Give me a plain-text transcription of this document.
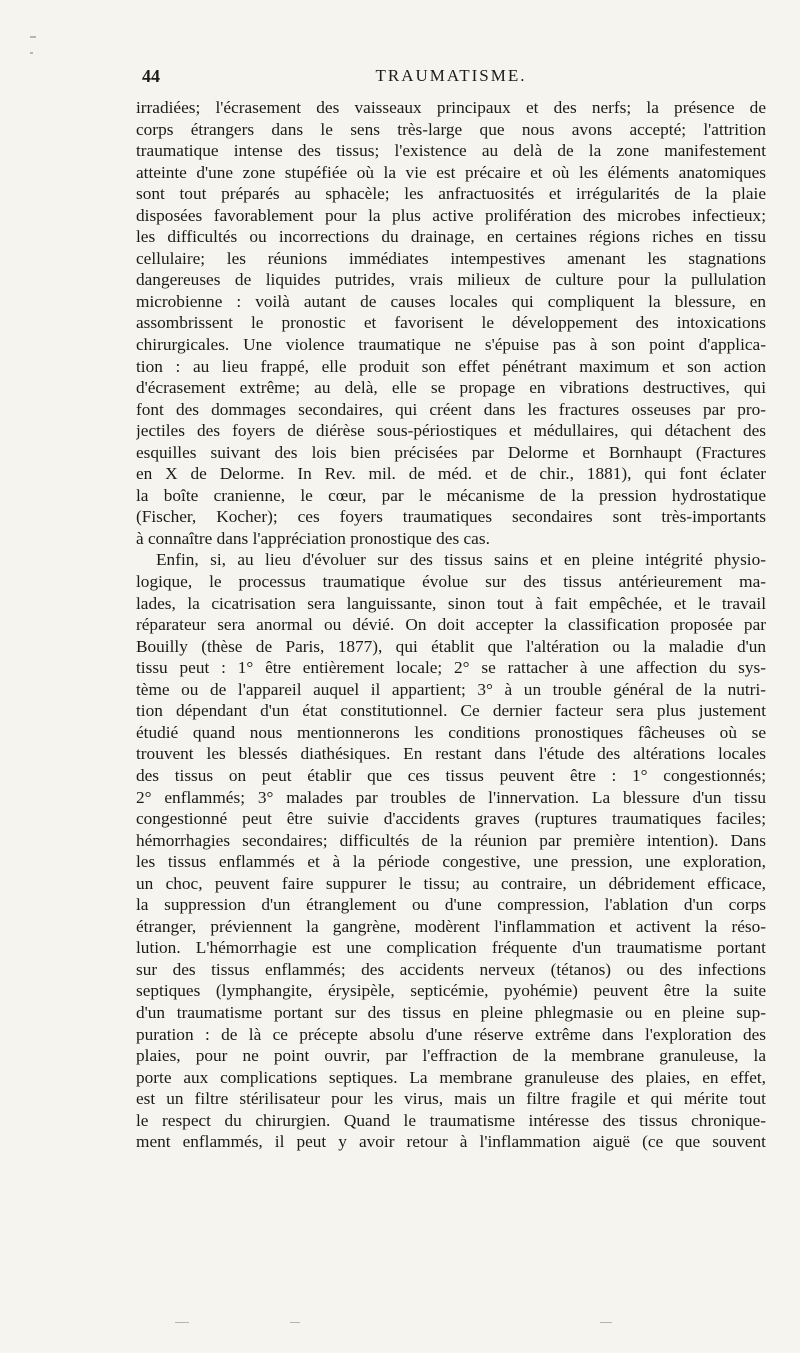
44	TRAUMATISME.
irradiées; l'écrasement des vaisseaux principaux et des nerfs; la présence de
corps étrangers dans le sens très-large que nous avons accepté; l'attrition
traumatique intense des tissus; l'existence au delà de la zone manifestement
atteinte d'une zone stupéfiée où la vie est précaire et où les éléments anatomiques
sont tout préparés au sphacèle; les anfractuosités et irrégularités de la plaie
disposées favorablement pour la plus active prolifération des microbes infectieux;
les difficultés ou incorrections du drainage, en certaines régions riches en tissu
cellulaire; les réunions immédiates intempestives amenant les stagnations
dangereuses de liquides putrides, vrais milieux de culture pour la pullulation
microbienne : voilà autant de causes locales qui compliquent la blessure, en
assombrissent le pronostic et favorisent le développement des intoxications
chirurgicales. Une violence traumatique ne s'épuise pas à son point d'applica-
tion : au lieu frappé, elle produit son effet pénétrant maximum et son action
d'écrasement extrême; au delà, elle se propage en vibrations destructives, qui
font des dommages secondaires, qui créent dans les fractures osseuses par pro-
jectiles des foyers de diérèse sous-périostiques et médullaires, qui détachent des
esquilles suivant des lois bien précisées par Delorme et Bornhaupt (Fractures
en X de Delorme. In Rev. mil. de méd. et de chir., 1881), qui font éclater
la boîte cranienne, le cœur, par le mécanisme de la pression hydrostatique
(Fischer, Kocher); ces foyers traumatiques secondaires sont très-importants
à connaître dans l'appréciation pronostique des cas.
Enfin, si, au lieu d'évoluer sur des tissus sains et en pleine intégrité physio-
logique, le processus traumatique évolue sur des tissus antérieurement ma-
lades, la cicatrisation sera languissante, sinon tout à fait empêchée, et le travail
réparateur sera anormal ou dévié. On doit accepter la classification proposée par
Bouilly (thèse de Paris, 1877), qui établit que l'altération ou la maladie d'un
tissu peut : 1° être entièrement locale; 2° se rattacher à une affection du sys-
tème ou de l'appareil auquel il appartient; 3° à un trouble général de la nutri-
tion dépendant d'un état constitutionnel. Ce dernier facteur sera plus justement
étudié quand nous mentionnerons les conditions pronostiques fâcheuses où se
trouvent les blessés diathésiques. En restant dans l'étude des altérations locales
des tissus on peut établir que ces tissus peuvent être : 1° congestionnés;
2° enflammés; 3° malades par troubles de l'innervation. La blessure d'un tissu
congestionné peut être suivie d'accidents graves (ruptures traumatiques faciles;
hémorrhagies secondaires; difficultés de la réunion par première intention). Dans
les tissus enflammés et à la période congestive, une pression, une exploration,
un choc, peuvent faire suppurer le tissu; au contraire, un débridement efficace,
la suppression d'un étranglement ou d'une compression, l'ablation d'un corps
étranger, préviennent la gangrène, modèrent l'inflammation et activent la réso-
lution. L'hémorrhagie est une complication fréquente d'un traumatisme portant
sur des tissus enflammés; des accidents nerveux (tétanos) ou des infections
septiques (lymphangite, érysipèle, septicémie, pyohémie) peuvent être la suite
d'un traumatisme portant sur des tissus en pleine phlegmasie ou en pleine sup-
puration : de là ce précepte absolu d'une réserve extrême dans l'exploration des
plaies, pour ne point ouvrir, par l'effraction de la membrane granuleuse, la
porte aux complications septiques. La membrane granuleuse des plaies, en effet,
est un filtre stérilisateur pour les virus, mais un filtre fragile et qui mérite tout
le respect du chirurgien. Quand le traumatisme intéresse des tissus chronique-
ment enflammés, il peut y avoir retour à l'inflammation aiguë (ce que souvent
